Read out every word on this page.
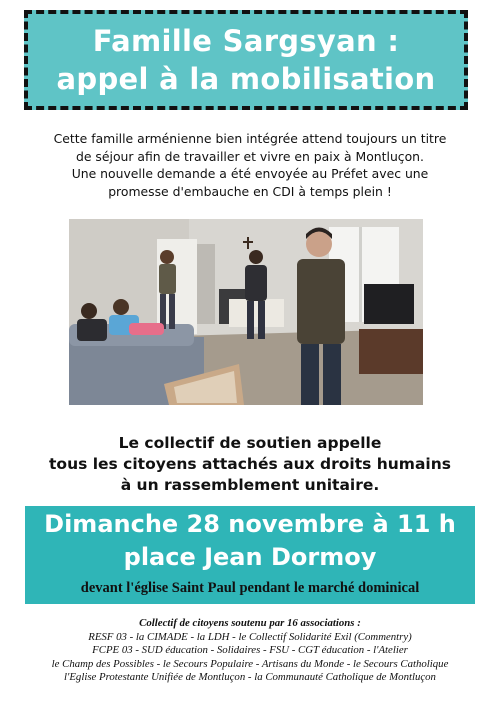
Famille Sargsyan :
appel à la mobilisation
Cette famille arménienne bien intégrée attend toujours un titre
de séjour afin de travailler et vivre en paix à Montluçon.
Une nouvelle demande a été envoyée au Préfet avec une
promesse d'embauche en CDI à temps plein !
Le collectif de soutien appelle
tous les citoyens attachés aux droits humains
à un rassemblement unitaire.
Dimanche 28 novembre à 11 h
place Jean Dormoy
devant l'église Saint Paul pendant le marché dominical
Collectif de citoyens soutenu par 16 associations :
RESF 03 - la CIMADE - la LDH - le Collectif Solidarité Exil (Commentry)
FCPE 03 - SUD éducation - Solidaires - FSU - CGT éducation - l'Atelier
le Champ des Possibles - le Secours Populaire - Artisans du Monde - le Secours Catholique
l'Eglise Protestante Unifiée de Montluçon - la Communauté Catholique de Montluçon
